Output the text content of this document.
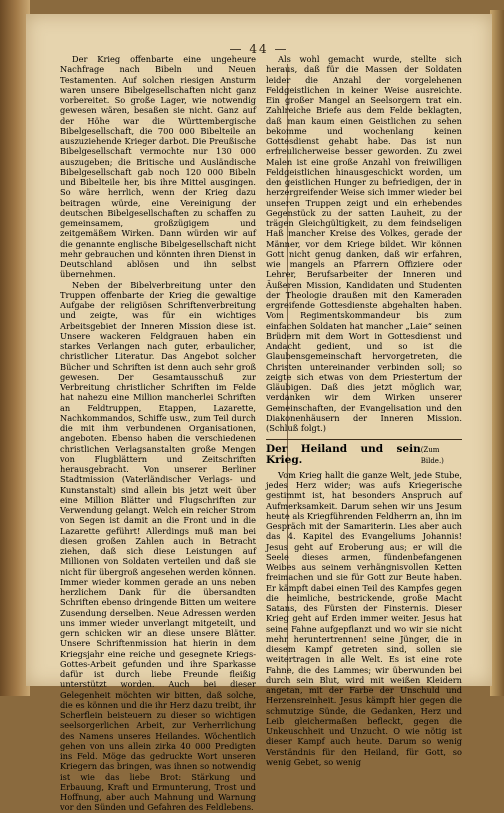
— 44 —

Der Krieg offenbarte eine ungeheure Nachfrage nach Bibeln und Neuen Testamenten. Auf solchen riesigen Ansturm waren unsere Bibelgesellschaften nicht ganz vorbereitet. So große Lager, wie notwendig gewesen wären, besaßen sie nicht. Ganz auf der Höhe war die Württembergische Bibelgesellschaft, die 700 000 Bibelteile an auszuziehende Krieger darbot. Die Preußische Bibelgesellschaft vermochte nur 130 000 auszugeben; die Britische und Ausländische Bibelgesellschaft gab noch 120 000 Bibeln und Bibelteile her, bis ihre Mittel ausgingen. So wäre herrlich, wenn der Krieg dazu beitragen würde, eine Vereinigung der deutschen Bibelgesellschaften zu schaffen zu gemeinsamem, großzügigem und zeitgemäßem Wirken. Dann würden wir auf die genannte englische Bibelgesellschaft nicht mehr gebrauchen und könnten ihren Dienst in Deutschland ablösen und ihn selbst übernehmen.

Neben der Bibelverbreitung unter den Truppen offenbarte der Krieg die gewaltige Aufgabe der religiösen Schriftenverbreitung und zeigte, was für ein wichtiges Arbeitsgebiet der Inneren Mission diese ist. Unsere wackeren Feldgrauen haben ein starkes Verlangen nach guter, erbaulicher, christlicher Literatur. Das Angebot solcher Bücher und Schriften ist denn auch sehr groß gewesen. Der Gesamtausschuß zur Verbreitung christlicher Schriften im Felde hat nahezu eine Million mancherlei Schriften an Feldtruppen, Etappen, Lazarette, Nachkommandos, Schiffe usw., zum Teil durch die mit ihm verbundenen Organisationen, angeboten. Ebenso haben die verschiedenen christlichen Verlagsanstalten große Mengen von Flugblättern und Zeitschriften herausgebracht. Von unserer Berliner Stadtmission (Vaterländischer Verlags- und Kunstanstalt) sind allein bis jetzt weit über eine Million Blätter und Flugschriften zur Verwendung gelangt. Welch ein reicher Strom von Segen ist damit an die Front und in die Lazarette geführt! Allerdings muß man bei diesen großen Zahlen auch in Betracht ziehen, daß sich diese Leistungen auf Millionen von Soldaten verteilen und daß sie nicht für übergroß angesehen werden können. Immer wieder kommen gerade an uns neben herzlichem Dank für die übersandten Schriften ebenso dringende Bitten um weitere Zusendung derselben. Neue Adressen werden uns immer wieder unverlangt mitgeteilt, und gern schicken wir an diese unsere Blätter. Unsere Schriftenmission hat hierin in dem Kriegsjahr eine reiche und gesegnete Kriegs-Gottes-Arbeit gefunden und ihre Sparkasse dafür ist durch liebe Freunde fleißig unterstützt worden. Auch bei dieser Gelegenheit möchten wir bitten, daß solche, die es können und die ihr Herz dazu treibt, ihr Scherflein beisteuern zu dieser so wichtigen seelsorgerlichen Arbeit, zur Verherrlichung des Namens unseres Heilandes. Wöchentlich gehen von uns allein zirka 40 000 Predigten ins Feld. Möge das gedruckte Wort unseren Kriegern das bringen, was ihnen so notwendig ist wie das liebe Brot: Stärkung und Erbauung, Kraft und Ermunterung, Trost und Hoffnung, aber auch Mahnung und Warnung vor den Sünden und Gefahren des Feldlebens.

Als wohl gemacht wurde, stellte sich heraus, daß für die Massen der Soldaten leider die Anzahl der vorgelehenen Feldgeistlichen in keiner Weise ausreichte. Ein großer Mangel an Seelsorgern trat ein. Zahlreiche Briefe aus dem Felde beklagten, daß man kaum einen Geistlichen zu sehen bekomme und wochenlang keinen Gottesdienst gehabt habe. Das ist nun erfreulicherweise besser geworden. Zu zwei Malen ist eine große Anzahl von freiwilligen Feldgeistlichen hinausgeschickt worden, um den geistlichen Hunger zu befriedigen, der in herzergreifender Weise sich immer wieder bei unseren Truppen zeigt und ein erhebendes Gegenstück zu der satten Lauheit, zu der trägen Gleichgültigkeit, zu dem feindseligen Haß mancher Kreise des Volkes, gerade der Männer, vor dem Kriege bildet. Wir können Gott nicht genug danken, daß wir erfahren, wie mangels an Pfarrern Offiziere oder Lehrer, Berufsarbeiter der Inneren und Äußeren Mission, Kandidaten und Studenten der Theologie draußen mit den Kameraden ergreifende Gottesdienste abgehalten haben. Vom Regimentskommandeur bis zum einfachen Soldaten hat mancher „Laie“ seinen Brüdern mit dem Wort in Gottesdienst und Andacht gedient, und so ist die Glaubensgemeinschaft hervorgetreten, die Christen untereinander verbinden soll; so zeigte sich etwas von dem Priestertum der Gläubigen. Daß dies jetzt möglich war, verdanken wir dem Wirken unserer Gemeinschaften, der Evangelisation und den Diakonenhäusern der Inneren Mission. (Schluß folgt.)

Der Heiland und sein Krieg.
(Zum Bilde.)

Vom Krieg hallt die ganze Welt, jede Stube, jedes Herz wider; was aufs Kriegerische gestimmt ist, hat besonders Anspruch auf Aufmerksamkeit. Darum sehen wir uns Jesum heute als Kriegführenden Feldherrn an, ihn im Gespräch mit der Samariterin. Lies aber auch das 4. Kapitel des Evangeliums Johannis! Jesus geht auf Eroberung aus; er will die Seele dieses armen, fündenbefangenen Weibes aus seinem verhängnisvollen Ketten freimachen und sie für Gott zur Beute haben. Er kämpft dabei einen Teil des Kampfes gegen die heimliche, bestrickende, große Macht Satans, des Fürsten der Finsternis. Dieser Krieg geht auf Erden immer weiter. Jesus hat seine Fahne aufgepflanzt und wo wir sie nicht mehr heruntertrennen! seine Jünger, die in diesem Kampf getreten sind, sollen sie weitertragen in alle Welt. Es ist eine rote Fahne, die des Lammes; wir überwunden bei durch sein Blut, wird mit weißen Kleidern angetan, mit der Farbe der Unschuld und Herzensreinheit. Jesus kämpft hier gegen die schmutzige Sünde, die Gedanken, Herz und Leib gleichermaßen befleckt, gegen die Unkeuschheit und Unzucht. O wie nötig ist dieser Kampf auch heute. Darum so wenig Verständnis für den Heiland, für Gott, so wenig Gebet, so wenig
